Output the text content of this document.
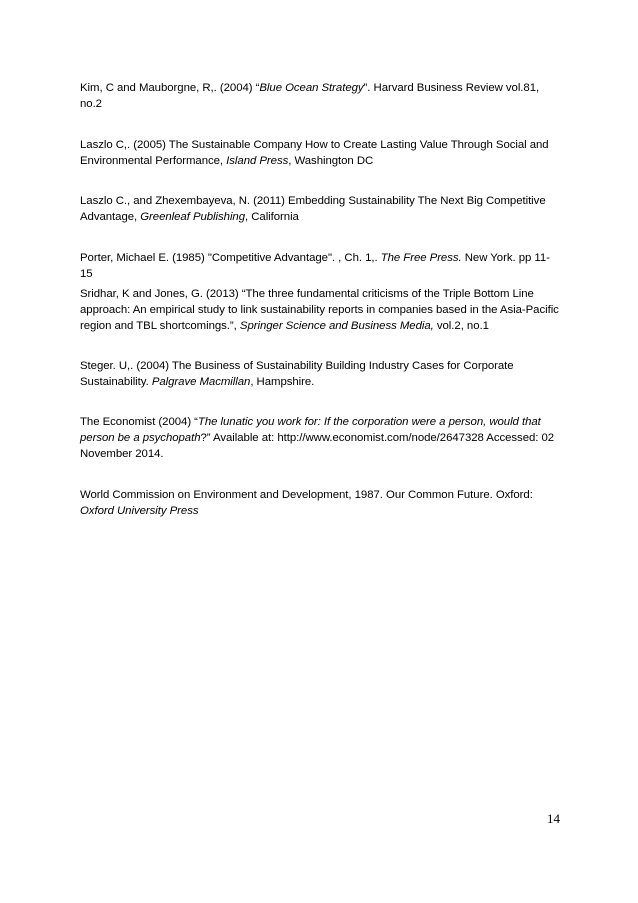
Kim, C and Mauborgne, R,. (2004) “Blue Ocean Strategy”. Harvard Business Review vol.81, no.2

Laszlo C,. (2005) The Sustainable Company How to Create Lasting Value Through Social and Environmental Performance, Island Press, Washington DC

Laszlo C., and Zhexembayeva, N. (2011) Embedding Sustainability The Next Big Competitive Advantage, Greenleaf Publishing, California

Porter, Michael E. (1985) "Competitive Advantage". , Ch. 1,. The Free Press. New York. pp 11-15

Sridhar, K and Jones, G. (2013) “The three fundamental criticisms of the Triple Bottom Line approach: An empirical study to link sustainability reports in companies based in the Asia-Pacific region and TBL shortcomings.”, Springer Science and Business Media, vol.2, no.1

Steger. U,. (2004) The Business of Sustainability Building Industry Cases for Corporate Sustainability. Palgrave Macmillan, Hampshire.

The Economist (2004) “The lunatic you work for: If the corporation were a person, would that person be a psychopath?” Available at: http://www.economist.com/node/2647328 Accessed: 02 November 2014.

World Commission on Environment and Development, 1987. Our Common Future. Oxford: Oxford University Press

14
